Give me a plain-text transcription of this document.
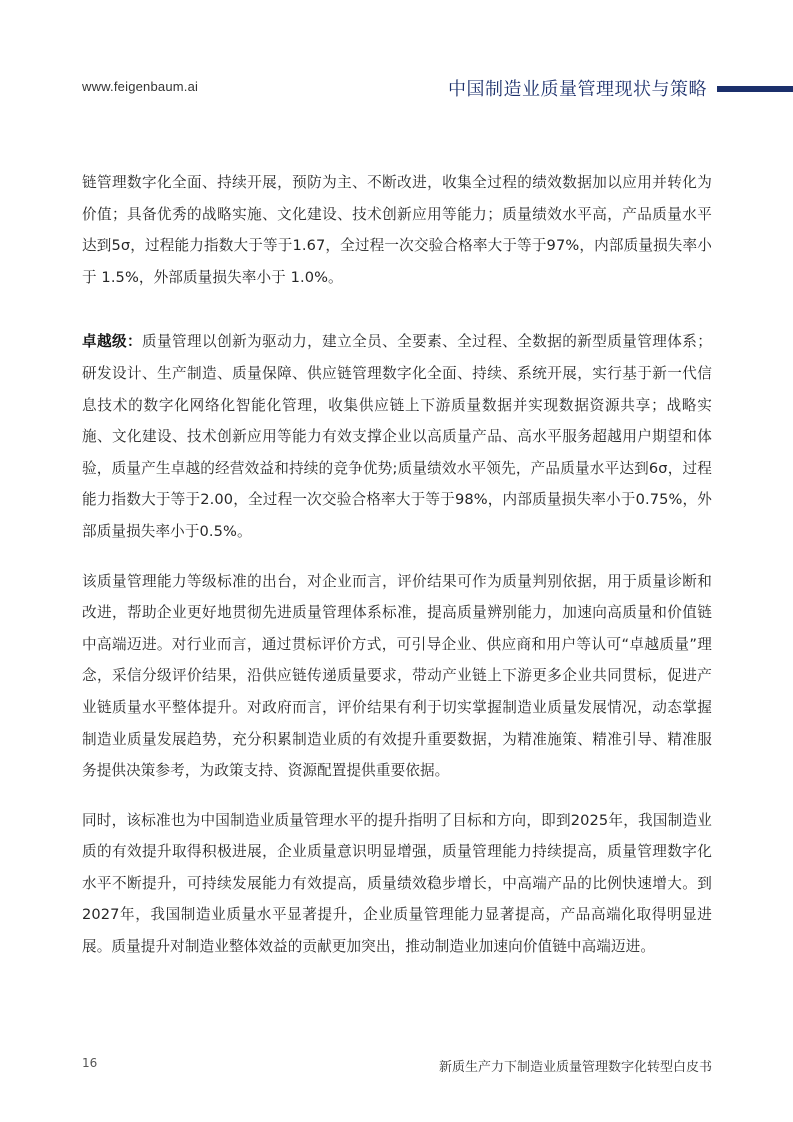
www.feigenbaum.ai	中国制造业质量管理现状与策略

链管理数字化全面、持续开展，预防为主、不断改进，收集全过程的绩效数据加以应用并转化为价值；具备优秀的战略实施、文化建设、技术创新应用等能力；质量绩效水平高，产品质量水平达到5σ，过程能力指数大于等于1.67，全过程一次交验合格率大于等于97%，内部质量损失率小于 1.5%，外部质量损失率小于 1.0%。

卓越级：质量管理以创新为驱动力，建立全员、全要素、全过程、全数据的新型质量管理体系；研发设计、生产制造、质量保障、供应链管理数字化全面、持续、系统开展，实行基于新一代信息技术的数字化网络化智能化管理，收集供应链上下游质量数据并实现数据资源共享；战略实施、文化建设、技术创新应用等能力有效支撑企业以高质量产品、高水平服务超越用户期望和体验，质量产生卓越的经营效益和持续的竞争优势;质量绩效水平领先，产品质量水平达到6σ，过程能力指数大于等于2.00，全过程一次交验合格率大于等于98%，内部质量损失率小于0.75%，外部质量损失率小于0.5%。

该质量管理能力等级标准的出台，对企业而言，评价结果可作为质量判别依据，用于质量诊断和改进，帮助企业更好地贯彻先进质量管理体系标准，提高质量辨别能力，加速向高质量和价值链中高端迈进。对行业而言，通过贯标评价方式，可引导企业、供应商和用户等认可“卓越质量”理念，采信分级评价结果，沿供应链传递质量要求，带动产业链上下游更多企业共同贯标，促进产业链质量水平整体提升。对政府而言，评价结果有利于切实掌握制造业质量发展情况，动态掌握制造业质量发展趋势，充分积累制造业质的有效提升重要数据，为精准施策、精准引导、精准服务提供决策参考，为政策支持、资源配置提供重要依据。

同时，该标准也为中国制造业质量管理水平的提升指明了目标和方向，即到2025年，我国制造业质的有效提升取得积极进展，企业质量意识明显增强，质量管理能力持续提高，质量管理数字化水平不断提升，可持续发展能力有效提高，质量绩效稳步增长，中高端产品的比例快速增大。到2027年，我国制造业质量水平显著提升，企业质量管理能力显著提高，产品高端化取得明显进展。质量提升对制造业整体效益的贡献更加突出，推动制造业加速向价值链中高端迈进。

16	新质生产力下制造业质量管理数字化转型白皮书
